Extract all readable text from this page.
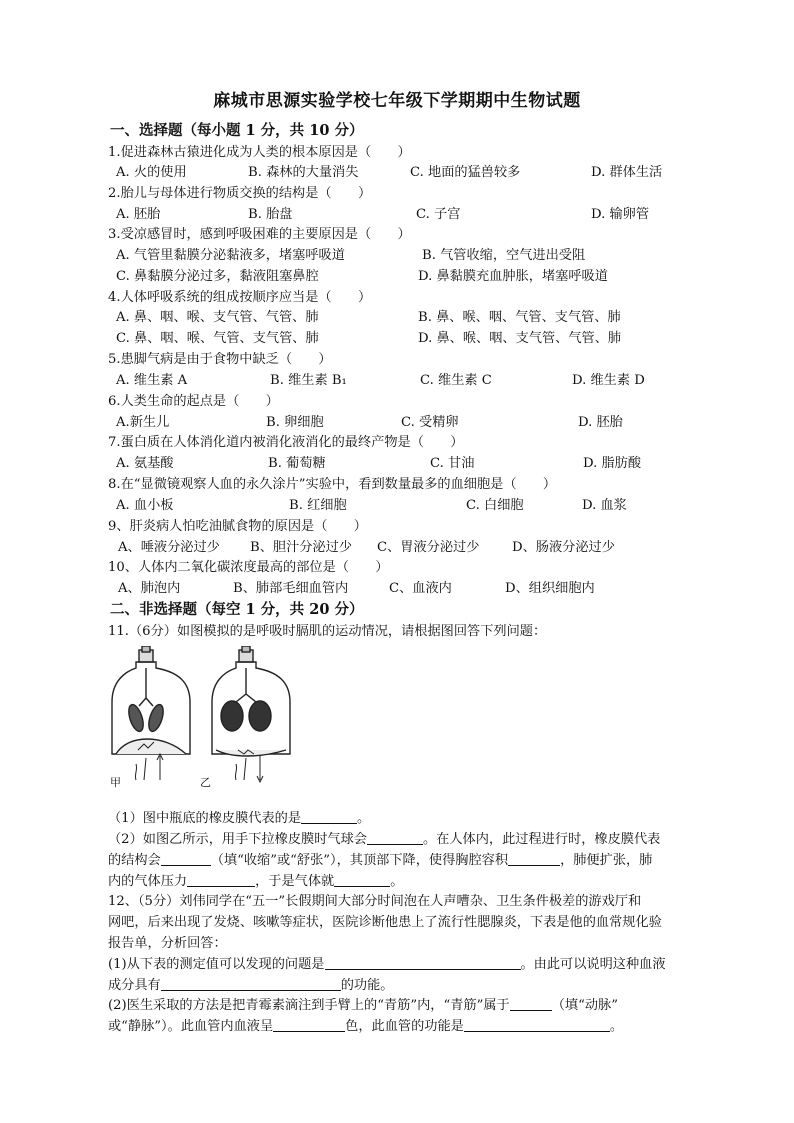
麻城市思源实验学校七年级下学期期中生物试题
一、选择题（每小题 1 分，共 10 分）
1.促进森林古猿进化成为人类的根本原因是（　　）
A. 火的使用	B. 森林的大量消失	C. 地面的猛兽较多	D. 群体生活
2.胎儿与母体进行物质交换的结构是（　　）
A. 胚胎	B. 胎盘	C. 子宫	D. 输卵管
3.受凉感冒时，感到呼吸困难的主要原因是（　　）
A. 气管里黏膜分泌黏液多，堵塞呼吸道	B. 气管收缩，空气进出受阻
C. 鼻黏膜分泌过多，黏液阻塞鼻腔	D. 鼻黏膜充血肿胀，堵塞呼吸道
4.人体呼吸系统的组成按顺序应当是（　　）
A. 鼻、咽、喉、支气管、气管、肺	B. 鼻、喉、咽、气管、支气管、肺
C. 鼻、咽、喉、气管、支气管、肺	D. 鼻、喉、咽、支气管、气管、肺
5.患脚气病是由于食物中缺乏（　　）
A. 维生素 A	B. 维生素 B₁	C. 维生素 C	D. 维生素 D
6.人类生命的起点是（　　）
A.新生儿	B. 卵细胞	C. 受精卵	D. 胚胎
7.蛋白质在人体消化道内被消化液消化的最终产物是（　　）
A. 氨基酸	B. 葡萄糖	C. 甘油	D. 脂肪酸
8.在“显微镜观察人血的永久涂片”实验中，看到数量最多的血细胞是（　　）
A. 血小板	B. 红细胞	C. 白细胞	D. 血浆
9、肝炎病人怕吃油腻食物的原因是（　　）
A、唾液分泌过少 B、胆汁分泌过少 C、胃液分泌过少 D、肠液分泌过少
10、人体内二氧化碳浓度最高的部位是（　　）
A、肺泡内	B、肺部毛细血管内	C、血液内	D、组织细胞内
二、非选择题（每空 1 分，共 20 分）
11.（6分）如图模拟的是呼吸时膈肌的运动情况，请根据图回答下列问题：
甲	乙
（1）图中瓶底的橡皮膜代表的是	。
（2）如图乙所示，用手下拉橡皮膜时气球会	。在人体内，此过程进行时，橡皮膜代表
的结构会	（填“收缩”或“舒张”），其顶部下降，使得胸腔容积	，肺便扩张，肺
内的气体压力	，于是气体就	。
12、（5分）刘伟同学在“五一”长假期间大部分时间泡在人声嘈杂、卫生条件极差的游戏厅和
网吧，后来出现了发烧、咳嗽等症状，医院诊断他患上了流行性腮腺炎，下表是他的血常规化验
报告单，分析回答：
(1)从下表的测定值可以发现的问题是	。由此可以说明这种血液
成分具有	的功能。
(2)医生采取的方法是把青霉素滴注到手臂上的“青筋”内，“青筋”属于	（填“动脉”
或“静脉”）。此血管内血液呈	色，此血管的功能是	。
